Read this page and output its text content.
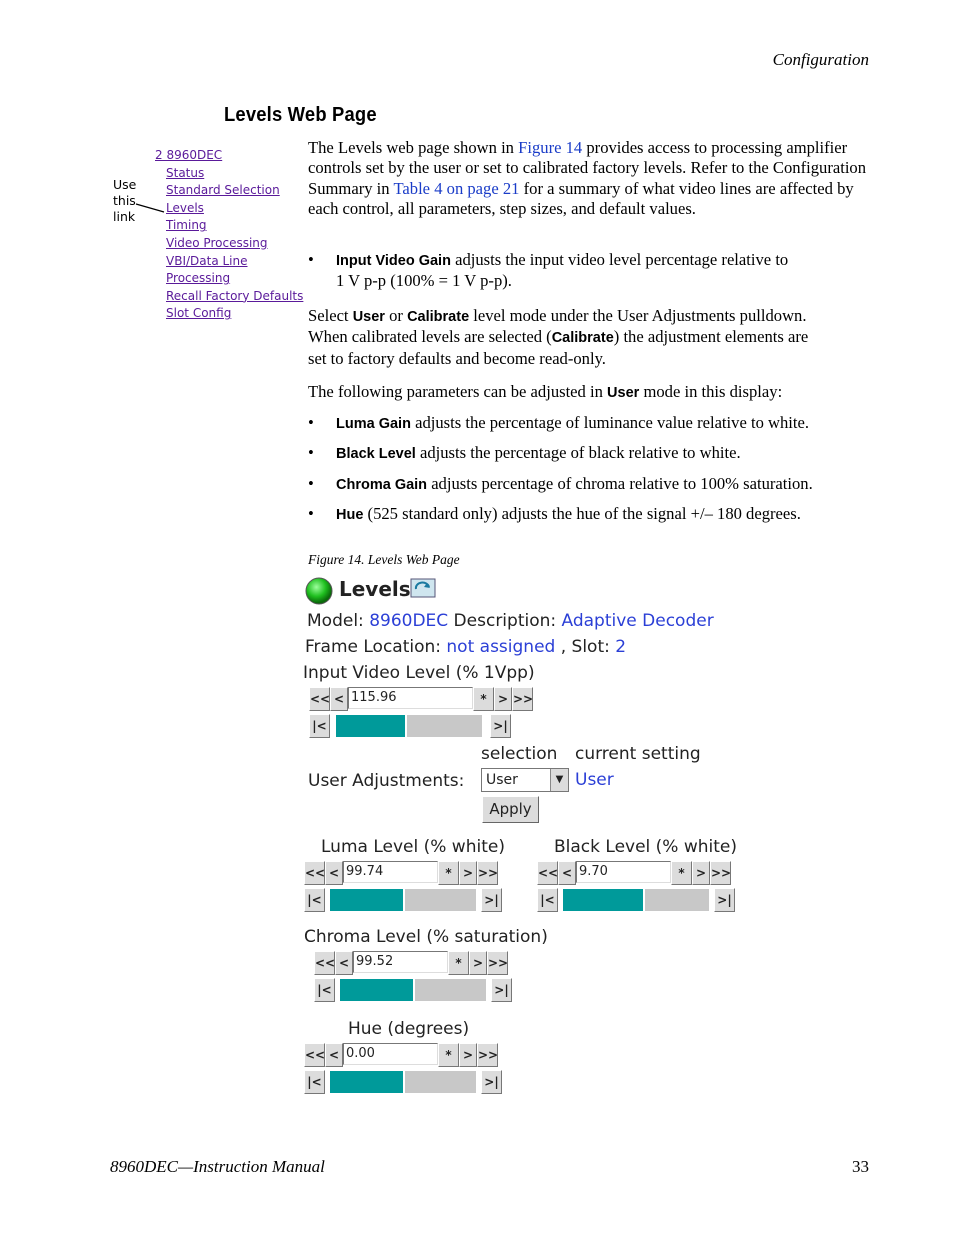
Configuration
Levels Web Page
2 8960DEC
Status
Standard Selection
Levels
Timing
Video Processing
VBI/Data Line
Processing
Recall Factory Defaults
Slot Config
Use
this
link

The Levels web page shown in Figure 14 provides access to processing amplifier controls set by the user or set to calibrated factory levels. Refer to the Configuration Summary in Table 4 on page 21 for a summary of what video lines are affected by each control, all parameters, step sizes, and default values.

• Input Video Gain adjusts the input video level percentage relative to
1 V p-p (100% = 1 V p-p).

Select User or Calibrate level mode under the User Adjustments pulldown.
When calibrated levels are selected (Calibrate) the adjustment elements are
set to factory defaults and become read-only.

The following parameters can be adjusted in User mode in this display:

• Luma Gain adjusts the percentage of luminance value relative to white.
• Black Level adjusts the percentage of black relative to white.
• Chroma Gain adjusts percentage of chroma relative to 100% saturation.
• Hue (525 standard only) adjusts the hue of the signal +/– 180 degrees.
Figure 14. Levels Web Page
Levels
Model: 8960DEC Description: Adaptive Decoder
Frame Location: not assigned , Slot: 2
Input Video Level (% 1Vpp)
<< < 115.96	* > >>
|<	>|
selection current setting
User Adjustments: User	▼ User
Apply
Luma Level (% white)
<< < 99.74	* > >>
|<	>|
Black Level (% white)
<< < 9.70	* > >>
|<	>|
Chroma Level (% saturation)
<< < 99.52	* > >>
|<	>|
Hue (degrees)
<< < 0.00	* > >>
|<	>|
8960DEC—Instruction Manual	33
